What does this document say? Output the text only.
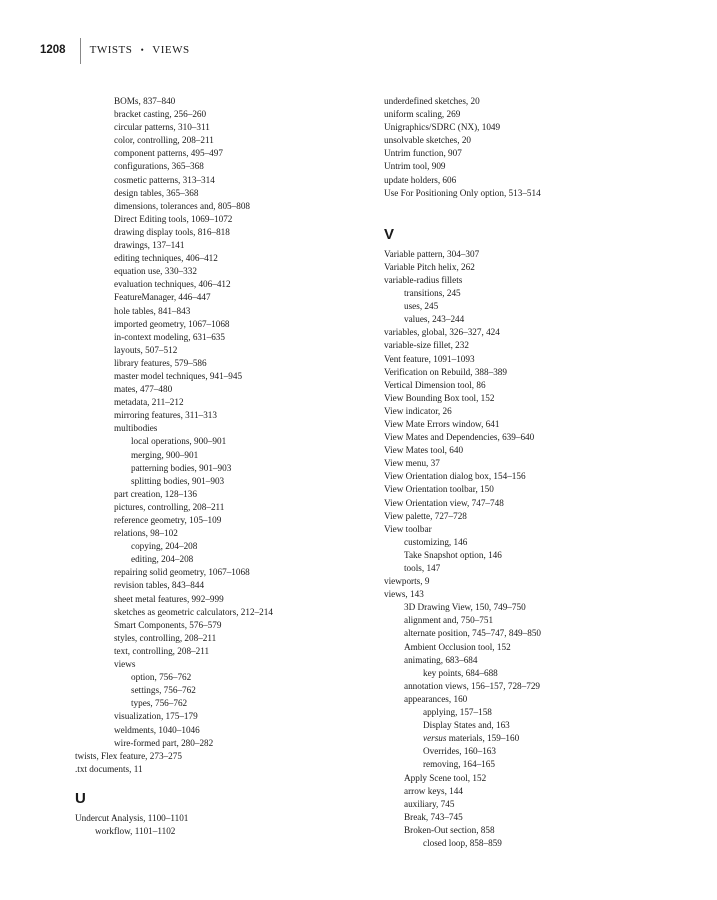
1208	TWISTS • VIEWS
BOMs, 837–840
bracket casting, 256–260
circular patterns, 310–311
color, controlling, 208–211
component patterns, 495–497
configurations, 365–368
cosmetic patterns, 313–314
design tables, 365–368
dimensions, tolerances and, 805–808
Direct Editing tools, 1069–1072
drawing display tools, 816–818
drawings, 137–141
editing techniques, 406–412
equation use, 330–332
evaluation techniques, 406–412
FeatureManager, 446–447
hole tables, 841–843
imported geometry, 1067–1068
in-context modeling, 631–635
layouts, 507–512
library features, 579–586
master model techniques, 941–945
mates, 477–480
metadata, 211–212
mirroring features, 311–313
multibodies
local operations, 900–901
merging, 900–901
patterning bodies, 901–903
splitting bodies, 901–903
part creation, 128–136
pictures, controlling, 208–211
reference geometry, 105–109
relations, 98–102
copying, 204–208
editing, 204–208
repairing solid geometry, 1067–1068
revision tables, 843–844
sheet metal features, 992–999
sketches as geometric calculators, 212–214
Smart Components, 576–579
styles, controlling, 208–211
text, controlling, 208–211
views
option, 756–762
settings, 756–762
types, 756–762
visualization, 175–179
weldments, 1040–1046
wire-formed part, 280–282
twists, Flex feature, 273–275
.txt documents, 11
U
Undercut Analysis, 1100–1101
workflow, 1101–1102
underdefined sketches, 20
uniform scaling, 269
Unigraphics/SDRC (NX), 1049
unsolvable sketches, 20
Untrim function, 907
Untrim tool, 909
update holders, 606
Use For Positioning Only option, 513–514
V
Variable pattern, 304–307
Variable Pitch helix, 262
variable-radius fillets
transitions, 245
uses, 245
values, 243–244
variables, global, 326–327, 424
variable-size fillet, 232
Vent feature, 1091–1093
Verification on Rebuild, 388–389
Vertical Dimension tool, 86
View Bounding Box tool, 152
View indicator, 26
View Mate Errors window, 641
View Mates and Dependencies, 639–640
View Mates tool, 640
View menu, 37
View Orientation dialog box, 154–156
View Orientation toolbar, 150
View Orientation view, 747–748
View palette, 727–728
View toolbar
customizing, 146
Take Snapshot option, 146
tools, 147
viewports, 9
views, 143
3D Drawing View, 150, 749–750
alignment and, 750–751
alternate position, 745–747, 849–850
Ambient Occlusion tool, 152
animating, 683–684
key points, 684–688
annotation views, 156–157, 728–729
appearances, 160
applying, 157–158
Display States and, 163
versus materials, 159–160
Overrides, 160–163
removing, 164–165
Apply Scene tool, 152
arrow keys, 144
auxiliary, 745
Break, 743–745
Broken-Out section, 858
closed loop, 858–859
